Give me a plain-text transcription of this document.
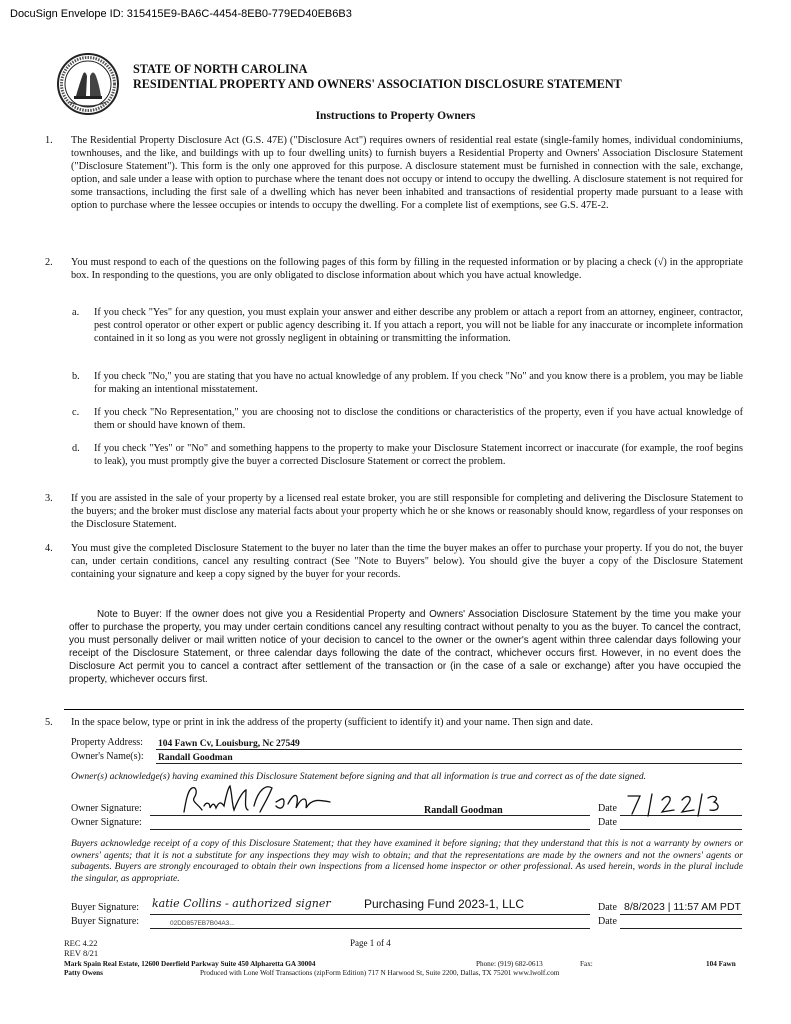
DocuSign Envelope ID: 315415E9-BA6C-4454-8EB0-779ED40EB6B3
STATE OF NORTH CAROLINA
RESIDENTIAL PROPERTY AND OWNERS' ASSOCIATION DISCLOSURE STATEMENT
Instructions to Property Owners
1. The Residential Property Disclosure Act (G.S. 47E) ("Disclosure Act") requires owners of residential real estate (single-family homes, individual condominiums, townhouses, and the like, and buildings with up to four dwelling units) to furnish buyers a Residential Property and Owners' Association Disclosure Statement ("Disclosure Statement"). This form is the only one approved for this purpose. A disclosure statement must be furnished in connection with the sale, exchange, option, and sale under a lease with option to purchase where the tenant does not occupy or intend to occupy the dwelling. A disclosure statement is not required for some transactions, including the first sale of a dwelling which has never been inhabited and transactions of residential property made pursuant to a lease with option to purchase where the lessee occupies or intends to occupy the dwelling. For a complete list of exemptions, see G.S. 47E-2.
2. You must respond to each of the questions on the following pages of this form by filling in the requested information or by placing a check (√) in the appropriate box. In responding to the questions, you are only obligated to disclose information about which you have actual knowledge.
a. If you check "Yes" for any question, you must explain your answer and either describe any problem or attach a report from an attorney, engineer, contractor, pest control operator or other expert or public agency describing it. If you attach a report, you will not be liable for any inaccurate or incomplete information contained in it so long as you were not grossly negligent in obtaining or transmitting the information.
b. If you check "No," you are stating that you have no actual knowledge of any problem. If you check "No" and you know there is a problem, you may be liable for making an intentional misstatement.
c. If you check "No Representation," you are choosing not to disclose the conditions or characteristics of the property, even if you have actual knowledge of them or should have known of them.
d. If you check "Yes" or "No" and something happens to the property to make your Disclosure Statement incorrect or inaccurate (for example, the roof begins to leak), you must promptly give the buyer a corrected Disclosure Statement or correct the problem.
3. If you are assisted in the sale of your property by a licensed real estate broker, you are still responsible for completing and delivering the Disclosure Statement to the buyers; and the broker must disclose any material facts about your property which he or she knows or reasonably should know, regardless of your responses on the Disclosure Statement.
4. You must give the completed Disclosure Statement to the buyer no later than the time the buyer makes an offer to purchase your property. If you do not, the buyer can, under certain conditions, cancel any resulting contract (See "Note to Buyers" below). You should give the buyer a copy of the Disclosure Statement containing your signature and keep a copy signed by the buyer for your records.
Note to Buyer: If the owner does not give you a Residential Property and Owners' Association Disclosure Statement by the time you make your offer to purchase the property, you may under certain conditions cancel any resulting contract without penalty to you as the buyer. To cancel the contract, you must personally deliver or mail written notice of your decision to cancel to the owner or the owner's agent within three calendar days following your receipt of the Disclosure Statement, or three calendar days following the date of the contract, whichever occurs first. However, in no event does the Disclosure Act permit you to cancel a contract after settlement of the transaction or (in the case of a sale or exchange) after you have occupied the property, whichever occurs first.
5. In the space below, type or print in ink the address of the property (sufficient to identify it) and your name. Then sign and date.
Property Address: 104 Fawn Cv, Louisburg, Nc 27549
Owner's Name(s): Randall Goodman
Owner(s) acknowledge(s) having examined this Disclosure Statement before signing and that all information is true and correct as of the date signed.
Owner Signature:	Randall Goodman	Date
Owner Signature:	Date
Buyers acknowledge receipt of a copy of this Disclosure Statement; that they have examined it before signing; that they understand that this is not a warranty by owners or owners' agents; that it is not a substitute for any inspections they may wish to obtain; and that the representations are made by the owners and not the owners' agents or subagents. Buyers are strongly encouraged to obtain their own inspections from a licensed home inspector or other professional. As used herein, words in the plural include the singular, as appropriate.
Buyer Signature: katie Collins - authorized signer	Purchasing Fund 2023-1, LLC	Date 8/8/2023 | 11:57 AM PDT
Buyer Signature:	02DD857EB7B04A3...	Date
REC 4.22
REV 8/21
Page 1 of 4
Mark Spain Real Estate, 12600 Deerfield Parkway Suite 450 Alpharetta GA 30004	Phone: (919) 682-0613	Fax:	104 Fawn
Patty Owens	Produced with Lone Wolf Transactions (zipForm Edition) 717 N Harwood St, Suite 2200, Dallas, TX 75201 www.lwolf.com
